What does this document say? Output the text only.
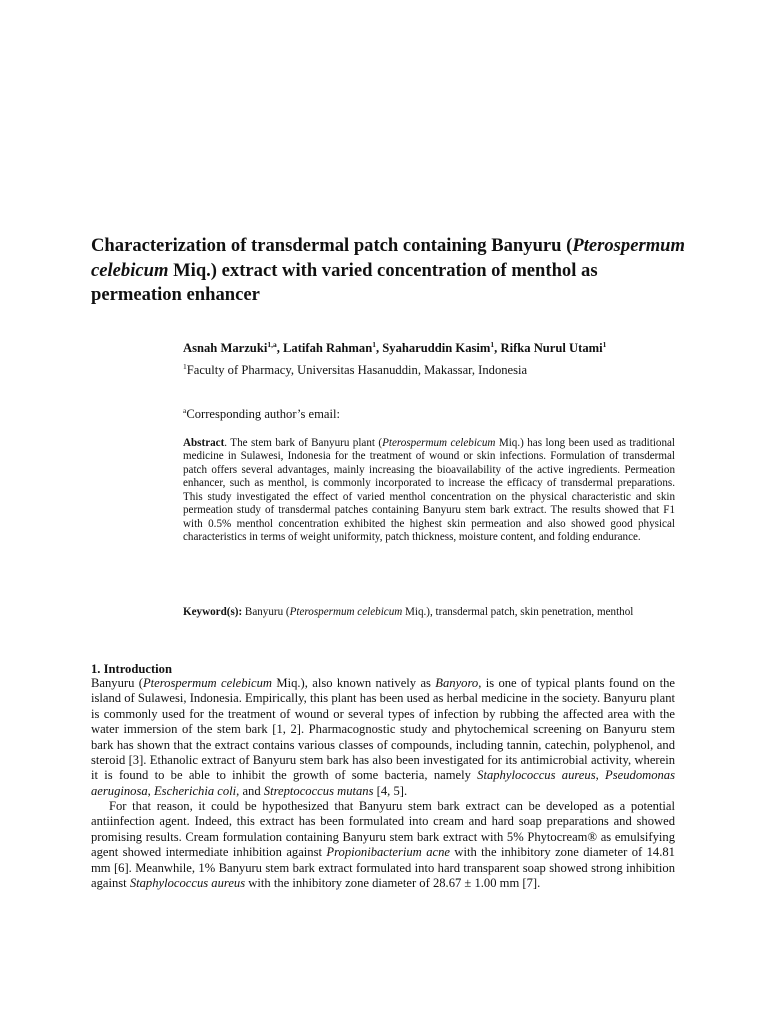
Characterization of transdermal patch containing Banyuru (Pterospermum celebicum Miq.) extract with varied concentration of menthol as permeation enhancer
Asnah Marzuki$^{1,a}$, Latifah Rahman$^1$, Syaharuddin Kasim$^1$, Rifka Nurul Utami$^1$
$^1$Faculty of Pharmacy, Universitas Hasanuddin, Makassar, Indonesia
$^a$Corresponding author’s email:

Abstract. The stem bark of Banyuru plant (Pterospermum celebicum Miq.) has long been used as traditional medicine in Sulawesi, Indonesia for the treatment of wound or skin infections. Formulation of transdermal patch offers several advantages, mainly increasing the bioavailability of the active ingredients. Permeation enhancer, such as menthol, is commonly incorporated to increase the efficacy of transdermal preparations. This study investigated the effect of varied menthol concentration on the physical characteristic and skin permeation study of transdermal patches containing Banyuru stem bark extract. The results showed that F1 with 0.5% menthol concentration exhibited the highest skin permeation and also showed good physical characteristics in terms of weight uniformity, patch thickness, moisture content, and folding endurance.

Keyword(s): Banyuru (Pterospermum celebicum Miq.), transdermal patch, skin penetration, menthol

1. Introduction

Banyuru (Pterospermum celebicum Miq.), also known natively as Banyoro, is one of typical plants found on the island of Sulawesi, Indonesia. Empirically, this plant has been used as herbal medicine in the society. Banyuru plant is commonly used for the treatment of wound or several types of infection by rubbing the affected area with the water immersion of the stem bark [1, 2]. Pharmacognostic study and phytochemical screening on Banyuru stem bark has shown that the extract contains various classes of compounds, including tannin, catechin, polyphenol, and steroid [3]. Ethanolic extract of Banyuru stem bark has also been investigated for its antimicrobial activity, wherein it is found to be able to inhibit the growth of some bacteria, namely Staphylococcus aureus, Pseudomonas aeruginosa, Escherichia coli, and Streptococcus mutans [4, 5].

For that reason, it could be hypothesized that Banyuru stem bark extract can be developed as a potential antiinfection agent. Indeed, this extract has been formulated into cream and hard soap preparations and showed promising results. Cream formulation containing Banyuru stem bark extract with 5% Phytocream® as emulsifying agent showed intermediate inhibition against Propionibacterium acne with the inhibitory zone diameter of 14.81 mm [6]. Meanwhile, 1% Banyuru stem bark extract formulated into hard transparent soap showed strong inhibition against Staphylococcus aureus with the inhibitory zone diameter of 28.67 ± 1.00 mm [7].
